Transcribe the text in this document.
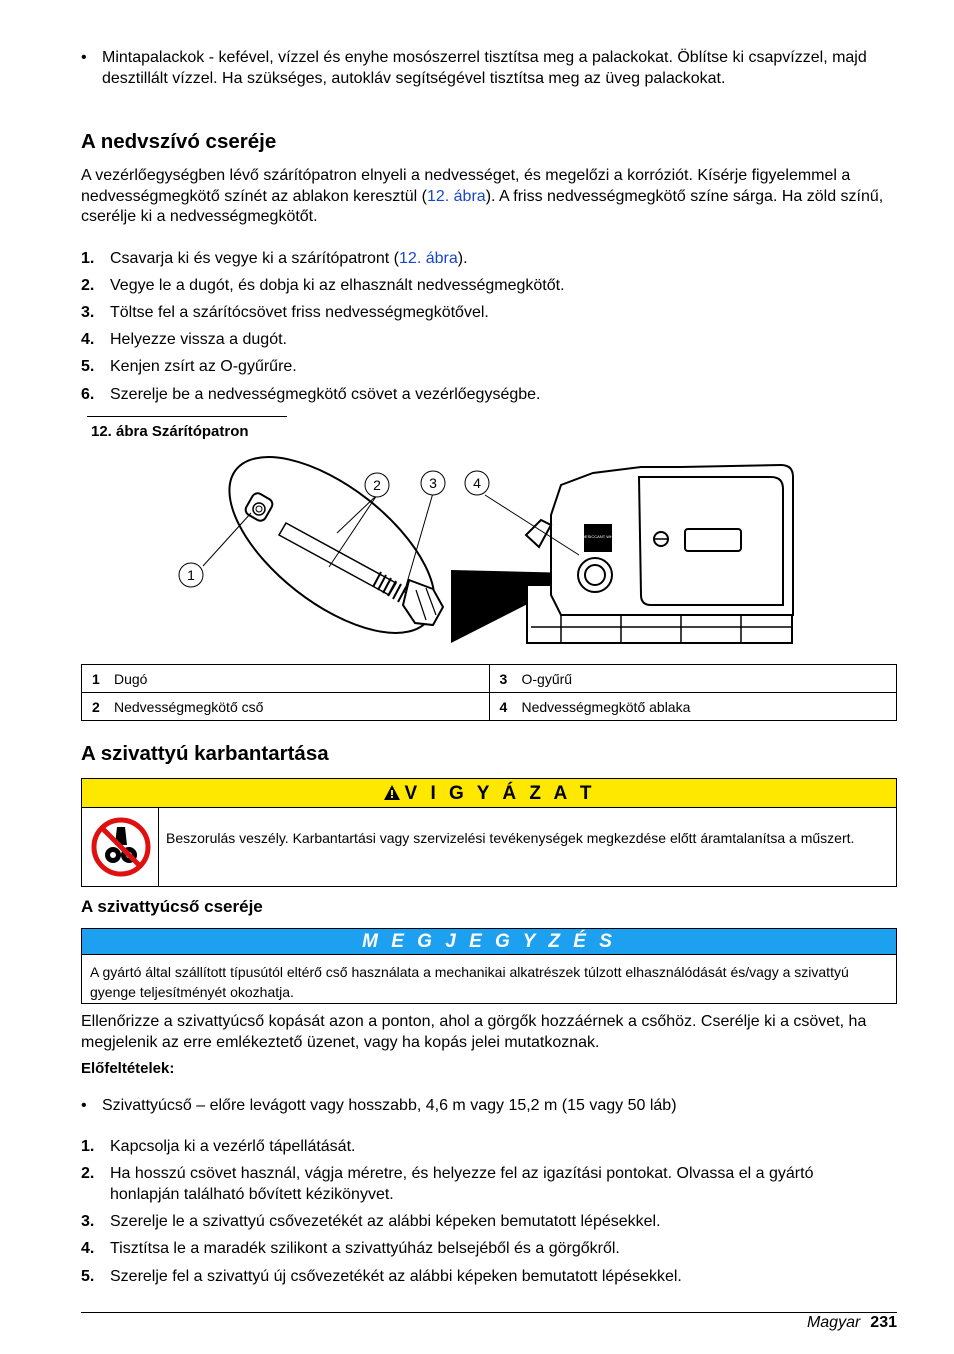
• Mintapalackok - kefével, vízzel és enyhe mosószerrel tisztítsa meg a palackokat. Öblítse ki csapvízzel, majd desztillált vízzel. Ha szükséges, autokláv segítségével tisztítsa meg az üveg palackokat.
A nedvszívó cseréje
A vezérlőegységben lévő szárítópatron elnyeli a nedvességet, és megelőzi a korróziót. Kísérje figyelemmel a nedvességmegkötő színét az ablakon keresztül (12. ábra). A friss nedvességmegkötő színe sárga. Ha zöld színű, cserélje ki a nedvességmegkötőt.
1. Csavarja ki és vegye ki a szárítópatront (12. ábra).
2. Vegye le a dugót, és dobja ki az elhasznált nedvességmegkötőt.
3. Töltse fel a szárítócsövet friss nedvességmegkötővel.
4. Helyezze vissza a dugót.
5. Kenjen zsírt az O-gyűrűre.
6. Szerelje be a nedvességmegkötő csövet a vezérlőegységbe.
12. ábra Szárítópatron
REPLACE DESICCANT WHEN GREEN
1
2	3	4
1 Dugó	3 O-gyűrű
2 Nedvességmegkötő cső	4 Nedvességmegkötő ablaka
A szivattyú karbantartása
V I G Y Á Z A T
Beszorulás veszély. Karbantartási vagy szervizelési tevékenységek megkezdése előtt áramtalanítsa a műszert.
A szivattyúcső cseréje
M E G J E G Y Z É S
A gyártó által szállított típusútól eltérő cső használata a mechanikai alkatrészek túlzott elhasználódását és/vagy a szivattyú gyenge teljesítményét okozhatja.
Ellenőrizze a szivattyúcső kopását azon a ponton, ahol a görgők hozzáérnek a csőhöz. Cserélje ki a csövet, ha megjelenik az erre emlékeztető üzenet, vagy ha kopás jelei mutatkoznak.
Előfeltételek:
• Szivattyúcső – előre levágott vagy hosszabb, 4,6 m vagy 15,2 m (15 vagy 50 láb)
1. Kapcsolja ki a vezérlő tápellátását.
2. Ha hosszú csövet használ, vágja méretre, és helyezze fel az igazítási pontokat. Olvassa el a gyártó honlapján található bővített kézikönyvet.
3. Szerelje le a szivattyú csővezetékét az alábbi képeken bemutatott lépésekkel.
4. Tisztítsa le a maradék szilikont a szivattyúház belsejéből és a görgőkről.
5. Szerelje fel a szivattyú új csővezetékét az alábbi képeken bemutatott lépésekkel.
Magyar 231
